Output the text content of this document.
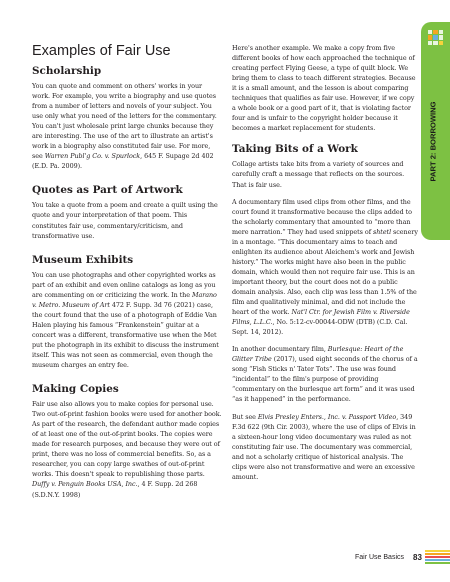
PART 2: BORROWING
Examples of Fair Use
Scholarship

You can quote and comment on others' works in your work. For example, you write a biography and use quotes from a number of letters and novels of your subject. You use only what you need of the letters for the commentary. You can't just wholesale print large chunks because they are interesting. The use of the art to illustrate an artist's work in a biography also constituted fair use. For more, see Warren Publ'g Co. v. Spurlock, 645 F. Supage 2d 402 (E.D. Pa. 2009).

Quotes as Part of Artwork

You take a quote from a poem and create a quilt using the quote and your interpretation of that poem. This constitutes fair use, commentary/criticism, and transformative use.

Museum Exhibits

You can use photographs and other copyrighted works as part of an exhibit and even online catalogs as long as you are commenting on or criticizing the work. In the Marano v. Metro. Museum of Art 472 F. Supp. 3d 76 (2021) case, the court found that the use of a photograph of Eddie Van Halen playing his famous “Frankenstein” guitar at a concert was a different, transformative use when the Met put the photograph in its exhibit to discuss the instrument itself. This was not seen as commercial, even though the museum charges an entry fee.

Making Copies

Fair use also allows you to make copies for personal use. Two out-of-print fashion books were used for another book. As part of the research, the defendant author made copies of at least one of the out-of-print books. The copies were made for research purposes, and because they were out of print, there was no loss of commercial benefits. So, as a researcher, you can copy large swathes of out-of-print works. This doesn't speak to republishing those parts. Duffy v. Penguin Books USA, Inc., 4 F. Supp. 2d 268 (S.D.N.Y. 1998)

Here's another example. We make a copy from five different books of how each approached the technique of creating perfect Flying Geese, a type of quilt block. We bring them to class to teach different strategies. Because it is a small amount, and the lesson is about comparing techniques that qualifies as fair use. However, if we copy a whole book or a good part of it, that is violating factor four and is unfair to the copyright holder because it becomes a market replacement for students.

Taking Bits of a Work

Collage artists take bits from a variety of sources and carefully craft a message that reflects on the sources. That is fair use.

A documentary film used clips from other films, and the court found it transformative because the clips added to the scholarly commentary that amounted to “more than mere narration.” They had used snippets of shtetl scenery in a montage. “This documentary aims to teach and enlighten its audience about Aleichem's work and Jewish history.” The works might have also been in the public domain, which would then not require fair use. This is an important theory, but the court does not do a public domain analysis. Also, each clip was less than 1.5% of the film and qualitatively minimal, and did not include the heart of the work. Nat'l Ctr. for Jewish Film v. Riverside Films, L.L.C., No. 5:12-cv-00044-ODW (DTB) (C.D. Cal. Sept. 14, 2012).

In another documentary film, Burlesque: Heart of the Glitter Tribe (2017), used eight seconds of the chorus of a song “Fish Sticks n' Tater Tots”. The use was found “incidental” to the film's purpose of providing “commentary on the burlesque art form” and it was used “as it happened” in the performance.

But see Elvis Presley Enters., Inc. v. Passport Video, 349 F.3d 622 (9th Cir. 2003), where the use of clips of Elvis in a sixteen-hour long video documentary was ruled as not constituting fair use. The documentary was commercial, and not a scholarly critique of historical analysis. The clips were also not transformative and were an excessive amount.

Fair Use Basics 83
